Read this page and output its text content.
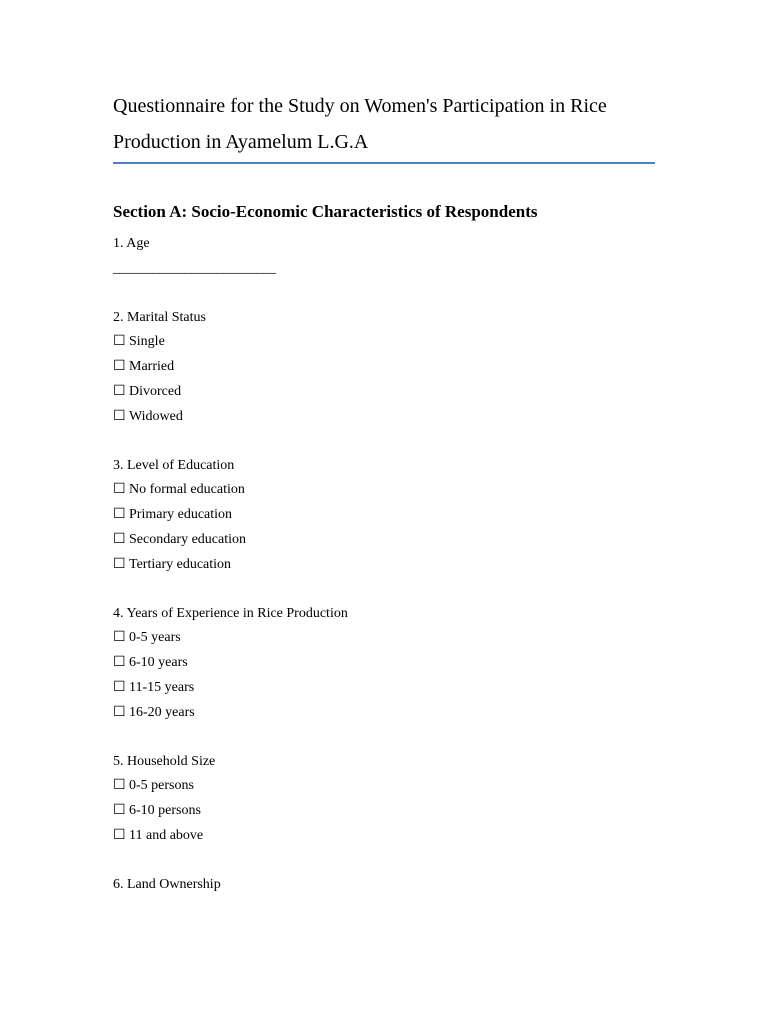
Questionnaire for the Study on Women's Participation in Rice Production in Ayamelum L.G.A
Section A: Socio-Economic Characteristics of Respondents
1. Age
_________________________
2. Marital Status
☐ Single
☐ Married
☐ Divorced
☐ Widowed
3. Level of Education
☐ No formal education
☐ Primary education
☐ Secondary education
☐ Tertiary education
4. Years of Experience in Rice Production
☐ 0-5 years
☐ 6-10 years
☐ 11-15 years
☐ 16-20 years
5. Household Size
☐ 0-5 persons
☐ 6-10 persons
☐ 11 and above
6. Land Ownership
